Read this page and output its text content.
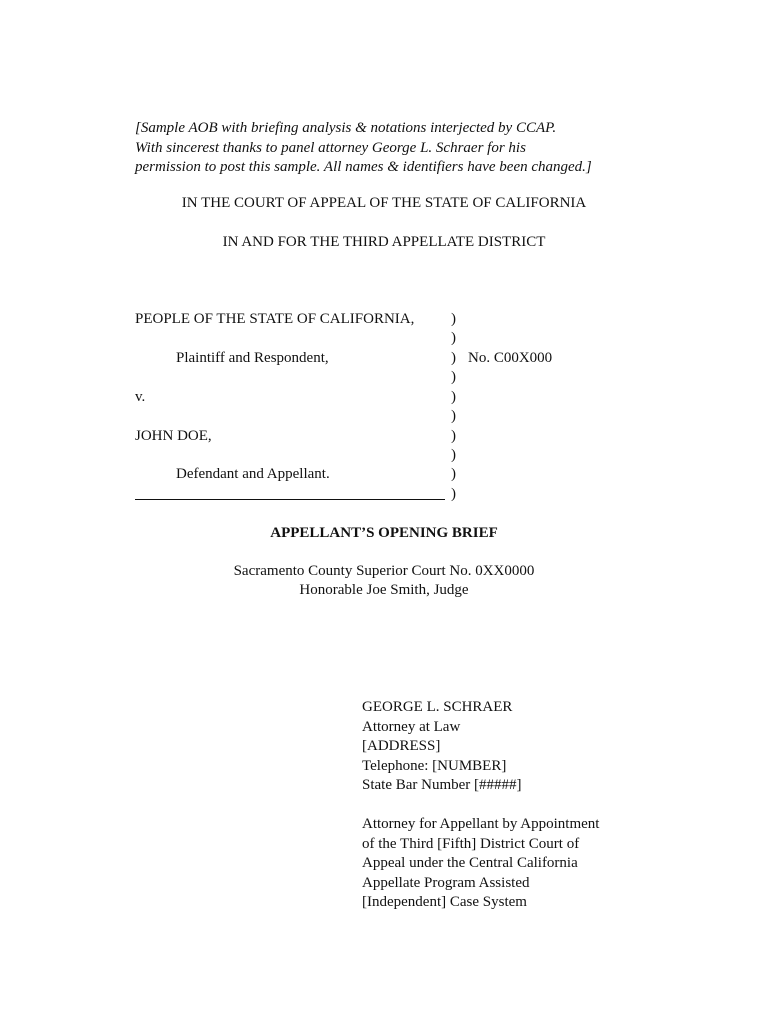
[Sample AOB with briefing analysis & notations interjected by CCAP.
With sincerest thanks to panel attorney George L. Schraer for his
permission to post this sample. All names & identifiers have been changed.]
IN THE COURT OF APPEAL OF THE STATE OF CALIFORNIA
IN AND FOR THE THIRD APPELLATE DISTRICT
PEOPLE OF THE STATE OF CALIFORNIA,
Plaintiff and Respondent,
v.
JOHN DOE,
Defendant and Appellant.
)
)
)
)
)
)
)
)
)
)
No. C00X000
APPELLANT’S OPENING BRIEF
Sacramento County Superior Court No. 0XX0000
Honorable Joe Smith, Judge
GEORGE L. SCHRAER
Attorney at Law
[ADDRESS]
Telephone: [NUMBER]
State Bar Number [#####]
Attorney for Appellant by Appointment
of the Third [Fifth] District Court of
Appeal under the Central California
Appellate Program Assisted
[Independent] Case System
